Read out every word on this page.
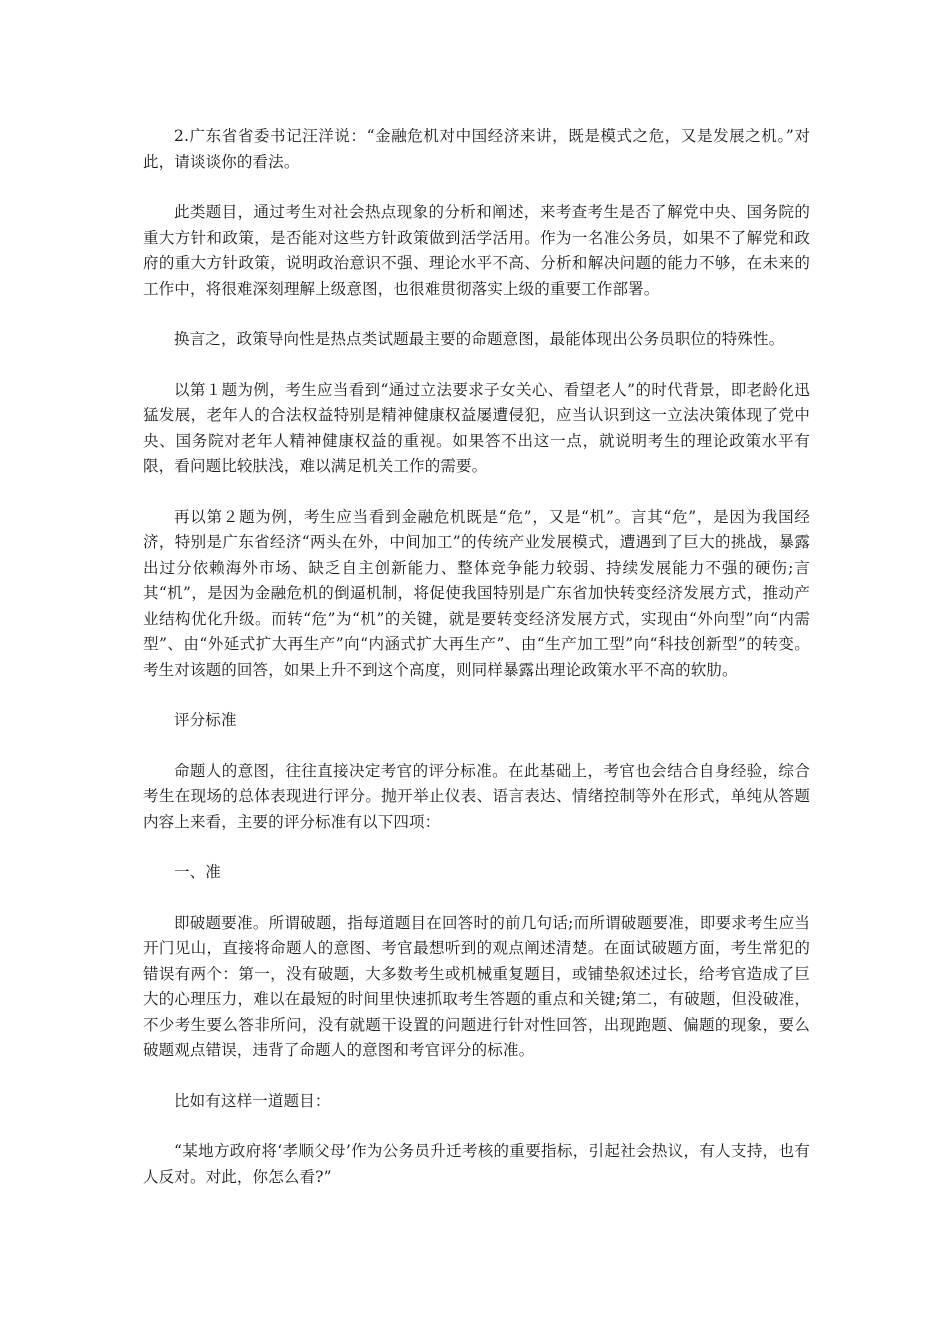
2.广东省省委书记汪洋说：“金融危机对中国经济来讲，既是模式之危，又是发展之机。”对此，请谈谈你的看法。

此类题目，通过考生对社会热点现象的分析和阐述，来考查考生是否了解党中央、国务院的重大方针和政策，是否能对这些方针政策做到活学活用。作为一名准公务员，如果不了解党和政府的重大方针政策，说明政治意识不强、理论水平不高、分析和解决问题的能力不够，在未来的工作中，将很难深刻理解上级意图，也很难贯彻落实上级的重要工作部署。

换言之，政策导向性是热点类试题最主要的命题意图，最能体现出公务员职位的特殊性。

以第１题为例，考生应当看到“通过立法要求子女关心、看望老人”的时代背景，即老龄化迅猛发展，老年人的合法权益特别是精神健康权益屡遭侵犯，应当认识到这一立法决策体现了党中央、国务院对老年人精神健康权益的重视。如果答不出这一点，就说明考生的理论政策水平有限，看问题比较肤浅，难以满足机关工作的需要。

再以第２题为例，考生应当看到金融危机既是“危”，又是“机”。言其“危”，是因为我国经济，特别是广东省经济“两头在外，中间加工”的传统产业发展模式，遭遇到了巨大的挑战，暴露出过分依赖海外市场、缺乏自主创新能力、整体竞争能力较弱、持续发展能力不强的硬伤;言其“机”，是因为金融危机的倒逼机制，将促使我国特别是广东省加快转变经济发展方式，推动产业结构优化升级。而转“危”为“机”的关键，就是要转变经济发展方式，实现由“外向型”向“内需型”、由“外延式扩大再生产”向“内涵式扩大再生产”、由“生产加工型”向“科技创新型”的转变。考生对该题的回答，如果上升不到这个高度，则同样暴露出理论政策水平不高的软肋。

评分标准

命题人的意图，往往直接决定考官的评分标准。在此基础上，考官也会结合自身经验，综合考生在现场的总体表现进行评分。抛开举止仪表、语言表达、情绪控制等外在形式，单纯从答题内容上来看，主要的评分标准有以下四项：

一、准

即破题要准。所谓破题，指每道题目在回答时的前几句话;而所谓破题要准，即要求考生应当开门见山，直接将命题人的意图、考官最想听到的观点阐述清楚。在面试破题方面，考生常犯的错误有两个：第一，没有破题，大多数考生或机械重复题目，或铺垫叙述过长，给考官造成了巨大的心理压力，难以在最短的时间里快速抓取考生答题的重点和关键;第二，有破题，但没破准，不少考生要么答非所问，没有就题干设置的问题进行针对性回答，出现跑题、偏题的现象，要么破题观点错误，违背了命题人的意图和考官评分的标准。

比如有这样一道题目：

“某地方政府将‘孝顺父母’作为公务员升迁考核的重要指标，引起社会热议，有人支持，也有人反对。对此，你怎么看?”
